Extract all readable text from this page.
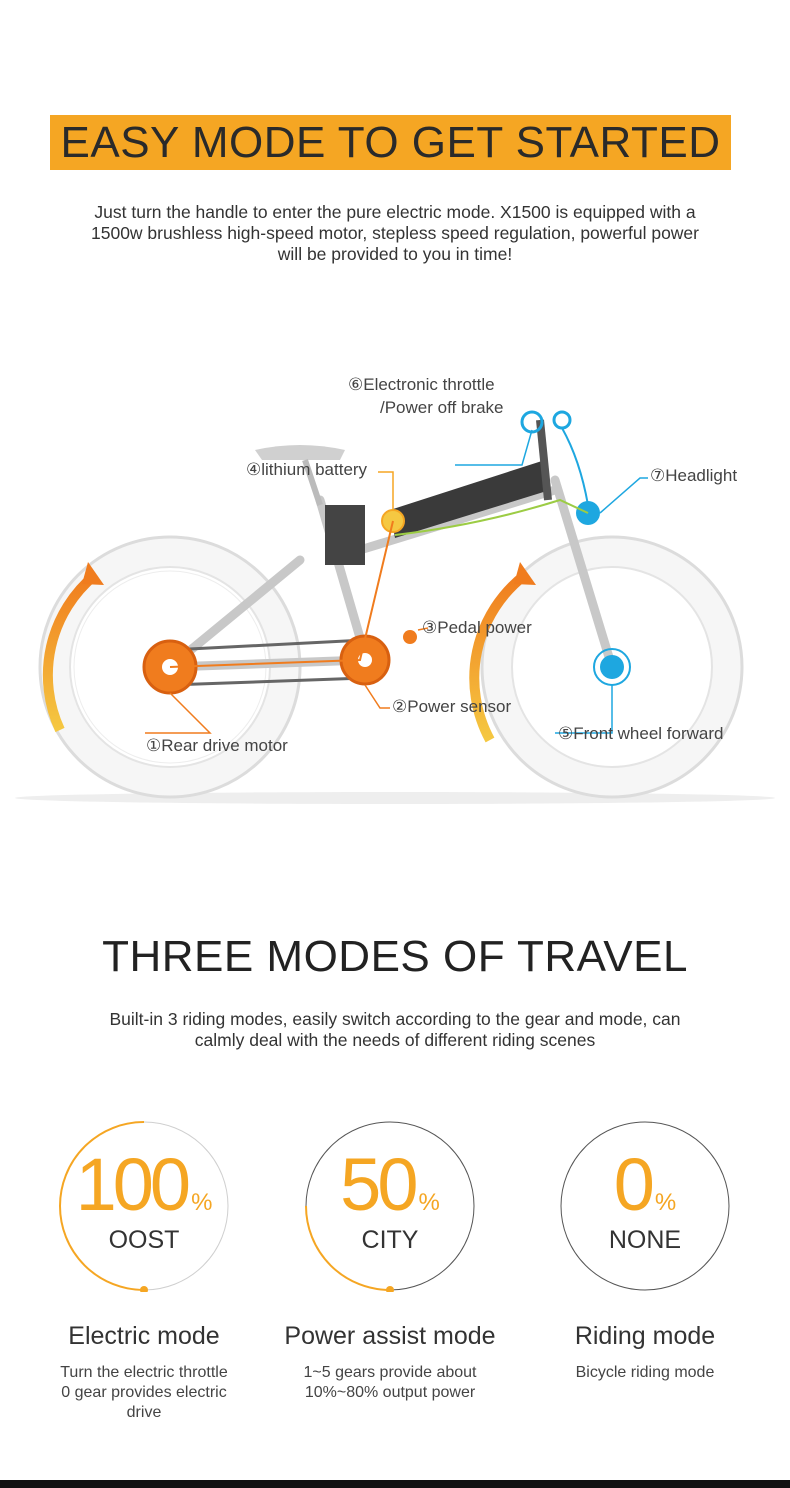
EASY MODE TO GET STARTED
Just turn the handle to enter the pure electric mode. X1500 is equipped with a
1500w brushless high-speed motor, stepless speed regulation, powerful power
will be provided to you in time!
⑥Electronic throttle
/Power off brake
④lithium battery	⑦Headlight
③Pedal power
②Power sensor
⑤Front wheel forward
①Rear drive motor
THREE MODES OF TRAVEL
Built-in 3 riding modes, easily switch according to the gear and mode, can
calmly deal with the needs of different riding scenes
100 %
OOST
Electric mode
Turn the electric throttle
0 gear provides electric
drive
50 %
CITY
Power assist mode
1~5 gears provide about
10%~80% output power
0 %
NONE
Riding mode
Bicycle riding mode
